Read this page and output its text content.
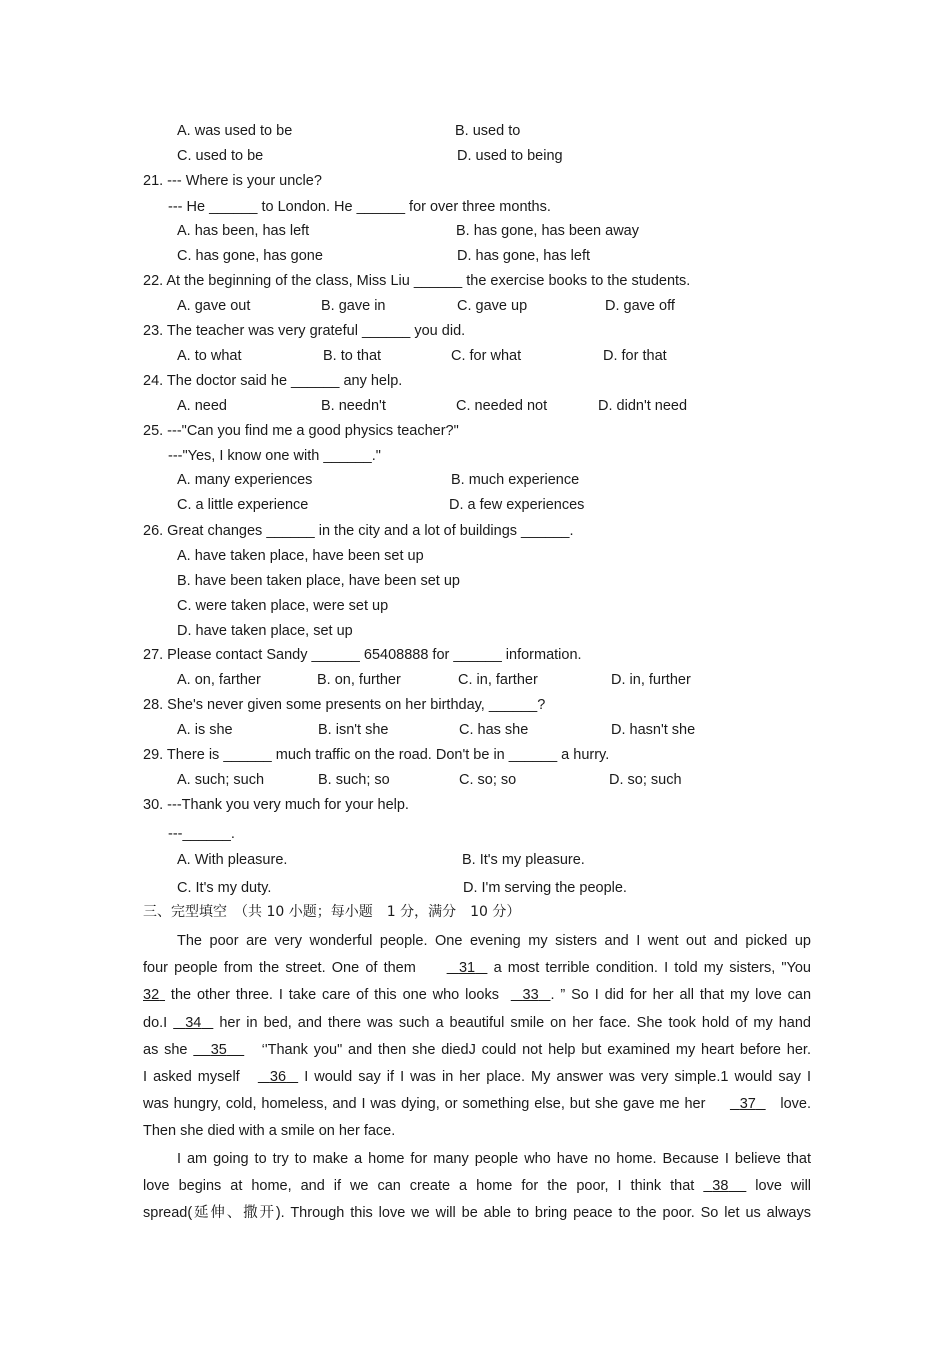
A. was used to be	B. used to
C. used to be	D. used to being
21. --- Where is your uncle?
--- He ______ to London. He ______ for over three months.
A. has been, has left	B. has gone, has been away
C. has gone, has gone	D. has gone, has left
22. At the beginning of the class, Miss Liu ______ the exercise books to the students.
A. gave out	B. gave in	C. gave up	D. gave off
23. The teacher was very grateful ______ you did.
A. to what	B. to that	C. for what	D. for that
24. The doctor said he ______ any help.
A. need	B. needn't	C. needed not	D. didn't need
25. ---"Can you find me a good physics teacher?"
---"Yes, I know one with ______."
A. many experiences	B. much experience
C. a little experience	D. a few experiences
26. Great changes ______ in the city and a lot of buildings ______.
A. have taken place, have been set up
B. have been taken place, have been set up
C. were taken place, were set up
D. have taken place, set up
27. Please contact Sandy ______ 65408888 for ______ information.
A. on, farther	B. on, further	C. in, farther	D. in, further
28. She's never given some presents on her birthday, ______?
A. is she	B. isn't she	C. has she	D. hasn't she
29. There is ______ much traffic on the road. Don't be in ______ a hurry.
A. such; such	B. such; so	C. so; so	D. so; such
30. ---Thank you very much for your help.
---______.
A. With pleasure.	B. It's my pleasure.
C. It's my duty.	D. I'm serving the people.
三、完型填空　（共 10 小题；每小题　1 分，满分　10 分）
The poor are very wonderful people. One evening my sisters and I went out and picked up
four people from the street. One of them	31   a most terrible condition. I told my sisters, "You
32  the other three. I take care of this one who looks    33 . ” So I did for her all that my love can
do.I   34   her in bed, and there was such a beautiful smile on her face. She took hold of my hand
as she    35      ‘'Thank you" and then she diedJ could not help but examined my heart before her.
I asked myself     36   I would say if I was in her place. My answer was very simple.1 would say I
was hungry, cold, homeless, and I was dying, or something else, but she gave me her       37     love.
Then she died with a smile on her face.
I am going to try to make a home for many people who have no home. Because I believe that
love begins at home, and if we can create a home for the poor, I think that  38   love will
spread(延伸、撒开). Through this love we will be able to bring peace to the poor. So let us always
